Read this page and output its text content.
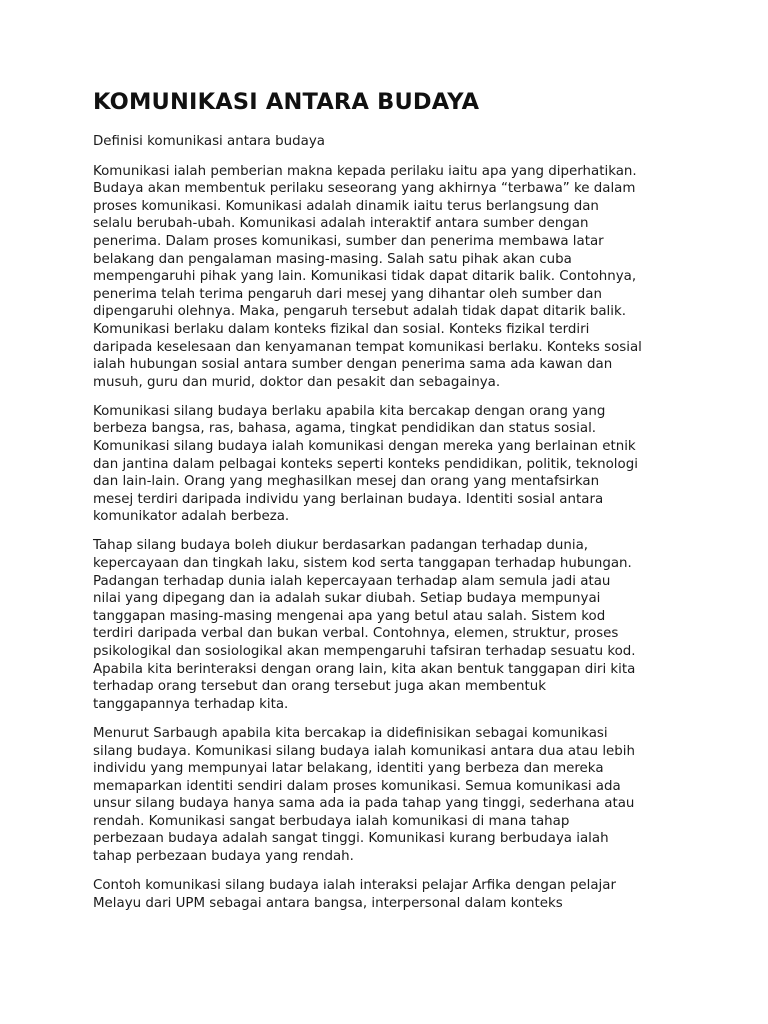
KOMUNIKASI ANTARA BUDAYA

Definisi komunikasi antara budaya

Komunikasi ialah pemberian makna kepada perilaku iaitu apa yang diperhatikan.
Budaya akan membentuk perilaku seseorang yang akhirnya “terbawa” ke dalam
proses komunikasi. Komunikasi adalah dinamik iaitu terus berlangsung dan
selalu berubah-ubah. Komunikasi adalah interaktif antara sumber dengan
penerima. Dalam proses komunikasi, sumber dan penerima membawa latar
belakang dan pengalaman masing-masing. Salah satu pihak akan cuba
mempengaruhi pihak yang lain. Komunikasi tidak dapat ditarik balik. Contohnya,
penerima telah terima pengaruh dari mesej yang dihantar oleh sumber dan
dipengaruhi olehnya. Maka, pengaruh tersebut adalah tidak dapat ditarik balik.
Komunikasi berlaku dalam konteks fizikal dan sosial. Konteks fizikal terdiri
daripada keselesaan dan kenyamanan tempat komunikasi berlaku. Konteks sosial
ialah hubungan sosial antara sumber dengan penerima sama ada kawan dan
musuh, guru dan murid, doktor dan pesakit dan sebagainya.

Komunikasi silang budaya berlaku apabila kita bercakap dengan orang yang
berbeza bangsa, ras, bahasa, agama, tingkat pendidikan dan status sosial.
Komunikasi silang budaya ialah komunikasi dengan mereka yang berlainan etnik
dan jantina dalam pelbagai konteks seperti konteks pendidikan, politik, teknologi
dan lain-lain. Orang yang meghasilkan mesej dan orang yang mentafsirkan
mesej terdiri daripada individu yang berlainan budaya. Identiti sosial antara
komunikator adalah berbeza.

Tahap silang budaya boleh diukur berdasarkan padangan terhadap dunia,
kepercayaan dan tingkah laku, sistem kod serta tanggapan terhadap hubungan.
Padangan terhadap dunia ialah kepercayaan terhadap alam semula jadi atau
nilai yang dipegang dan ia adalah sukar diubah. Setiap budaya mempunyai
tanggapan masing-masing mengenai apa yang betul atau salah. Sistem kod
terdiri daripada verbal dan bukan verbal. Contohnya, elemen, struktur, proses
psikologikal dan sosiologikal akan mempengaruhi tafsiran terhadap sesuatu kod.
Apabila kita berinteraksi dengan orang lain, kita akan bentuk tanggapan diri kita
terhadap orang tersebut dan orang tersebut juga akan membentuk
tanggapannya terhadap kita.

Menurut Sarbaugh apabila kita bercakap ia didefinisikan sebagai komunikasi
silang budaya. Komunikasi silang budaya ialah komunikasi antara dua atau lebih
individu yang mempunyai latar belakang, identiti yang berbeza dan mereka
memaparkan identiti sendiri dalam proses komunikasi. Semua komunikasi ada
unsur silang budaya hanya sama ada ia pada tahap yang tinggi, sederhana atau
rendah. Komunikasi sangat berbudaya ialah komunikasi di mana tahap
perbezaan budaya adalah sangat tinggi. Komunikasi kurang berbudaya ialah
tahap perbezaan budaya yang rendah.

Contoh komunikasi silang budaya ialah interaksi pelajar Arfika dengan pelajar
Melayu dari UPM sebagai antara bangsa, interpersonal dalam konteks
